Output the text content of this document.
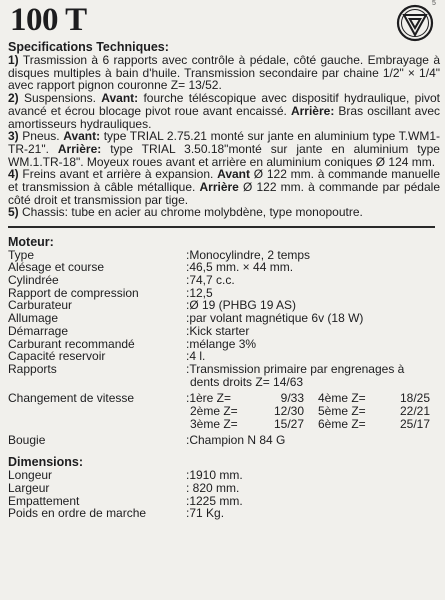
100 T	5
Specifications Techniques:
1) Trasmission à 6 rapports avec contrôle à pédale, côté gauche. Embrayage à disques multiples à bain d'huile. Transmission secondaire par chaine 1/2" × 1/4" avec rapport pignon couronne Z= 13/52.
2) Suspensions. Avant: fourche téléscopique avec dispositif hydraulique, pivot avancé et écrou blocage pivot roue avant encaissé. Arrière: Bras oscillant avec amortisseurs hydrauliques.
3) Pneus. Avant: type TRIAL 2.75.21 monté sur jante en aluminium type T.WM1-TR-21". Arrière: type TRIAL 3.50.18"monté sur jante en aluminium type WM.1.TR-18". Moyeux roues avant et arrière en aluminium coniques Ø 124 mm.
4) Freins avant et arrière à expansion. Avant Ø 122 mm. à commande manuelle et transmission à câble métallique. Arrière Ø 122 mm. à commande par pédale côté droit et transmission par tige.
5) Chassis: tube en acier au chrome molybdène, type monopoutre.
Moteur:
Type	:Monocylindre, 2 temps
Alésage et course	:46,5 mm. × 44 mm.
Cylindrée	:74,7 c.c.
Rapport de compression	:12,5
Carburateur	:Ø 19 (PHBG 19 AS)
Allumage	:par volant magnétique 6v (18 W)
Démarrage	:Kick starter
Carburant recommandé	:mélange 3%
Capacité reservoir	:4 l.
Rapports	:Transmission primaire par engrenages à
dents droits Z= 14/63

Changement de vitesse		:1ère Z=	9/33	4ème Z=	18/25
2ème Z=	12/30	5ème Z=	22/21
3ème Z=	15/27	6ème Z=	25/17

Bougie	:Champion N 84 G
Dimensions:
Longeur	:1910 mm.
Largeur	: 820 mm.
Empattement	:1225 mm.
Poids en ordre de marche	:71 Kg.
